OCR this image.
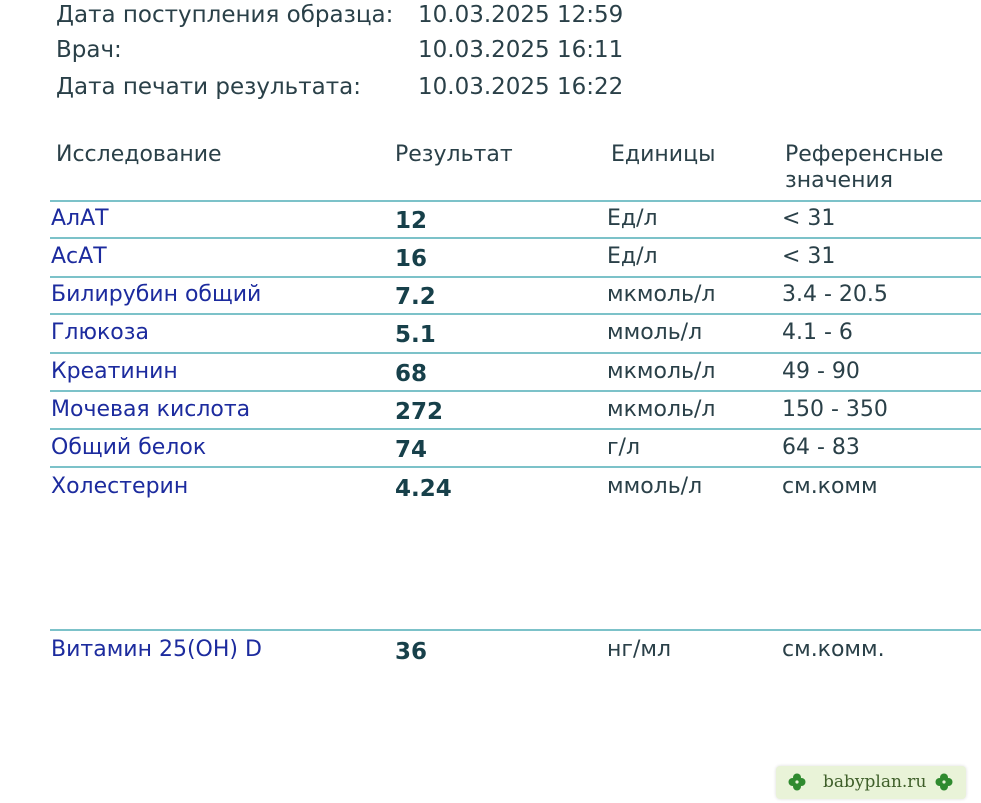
Дата поступления образца: 10.03.2025 12:59
Врач:	10.03.2025 16:11
Дата печати результата: 10.03.2025 16:22
Исследование	Результат	Единицы	Референсные
значения
АлАТ	12	Ед/л	< 31
АсАТ	16	Ед/л	< 31
Билирубин общий	7.2	мкмоль/л	3.4 - 20.5
Глюкоза	5.1	ммоль/л	4.1 - 6
Креатинин	68	мкмоль/л	49 - 90
Мочевая кислота	272	мкмоль/л	150 - 350
Общий белок	74	г/л	64 - 83
Холестерин	4.24	ммоль/л	см.комм
Витамин 25(ОН) D	36	нг/мл	см.комм.
babyplan.ru
